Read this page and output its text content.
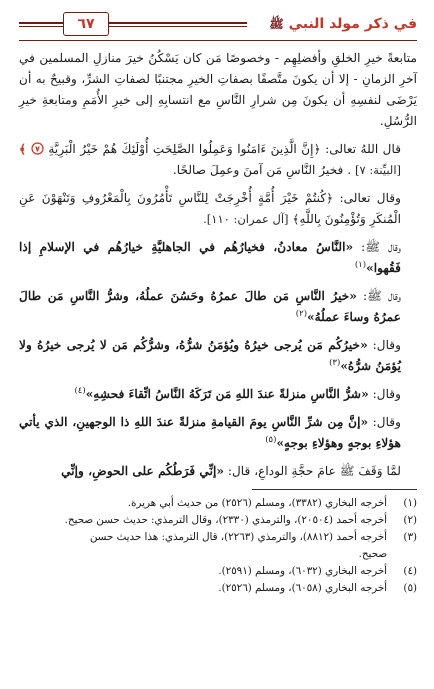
في ذكر مولد النبي ﷺ
٦٧

متابعةً خيرِ الخلقِ وأفضلِهِم - وخصوصًا مَن كان يَسْكُنُ خيرَ منازلِ المسلمين في آخرِ الزمانِ - إلا أن يكونَ متَّصفًا بصفاتِ الخيرِ مجتنبًا لصفاتِ الشرِّ، وقبيحٌ به أن يَرْضَى لنفسِهِ أن يكونَ مِن شرارِ النَّاسِ مع انتسابِهِ إلى خيرِ الأُمَمِ ومتابعةِ خيرِ الرُّسُلِ.

قال اللهُ تعالى: ﴿إِنَّ الَّذِينَ ءَامَنُوا وَعَمِلُوا الصَّلِحَتِ أُوْلَئِكَ هُمْ خَيْرُ الْبَرِيَّةِ
٧
﴾ [البيِّنة: ٧] . فخيرُ النَّاسِ مَن آمنَ وعمِلَ صالحًا.

وقال تعالى: ﴿كُنتُمْ خَيْرَ أُمَّةٍ أُخْرِجَتْ لِلنَّاسِ تَأْمُرُونَ بِالْمَعْرُوفِ وَتَنْهَوْنَ عَنِ الْمُنكَرِ وَتُؤْمِنُونَ بِاللَّهِ﴾ [آل عمران: ١١٠].

وقال ﷺ: «النَّاسُ معادنُ، فخيارُهُم في الجاهليَّةِ خيارُهُم في الإسلامِ إذا فَقُهوا»$^{(١)}$

وقال ﷺ: «خيرُ النَّاسِ مَن طالَ عمرُهُ وحَسُنَ عملُهُ، وشرُّ النَّاسِ مَن طالَ عمرُهُ وساءَ عملُهُ»$^{(٢)}$

وقال: «خيرُكُم مَن يُرجى خيرُهُ ويُؤمَنُ شرُّهُ، وشرُّكُم مَن لا يُرجى خيرُهُ ولا يُؤمَنُ شرُّهُ»$^{(٣)}$

وقال: «شرُّ النَّاسِ منزلةً عندَ اللهِ مَن تَرَكَهُ النَّاسُ اتِّقاءَ فحشِهِ»$^{(٤)}$

وقال: «إنَّ مِن شرِّ النَّاسِ يومَ القيامةِ منزلةً عندَ اللهِ ذا الوجهينِ، الذي يأتي هؤلاءِ بوجهٍ وهؤلاءِ بوجهٍ»$^{(٥)}$

لمَّا وَقَفَ ﷺ عامَ حجَّةِ الوداعِ، قال: «إنِّي فَرَطُكُم على الحوضِ، وإنِّي

(١)
أخرجه البخاري (٣٣٨٢)، ومسلم (٢٥٢٦) من حديث أبي هريرة.
(٢)
أخرجه أحمد (٢٠٥٠٤)، والترمذي (٢٣٣٠)، وقال الترمذي: حديث حسن صحيح.
(٣)
أخرجه أحمد (٨٨١٢)، والترمذي (٢٢٦٣)، قال الترمذي: هذا حديث حسن
صحيح.
(٤)
أخرجه البخاري (٦٠٣٢)، ومسلم (٢٥٩١).
(٥)
أخرجه البخاري (٦٠٥٨)، ومسلم (٢٥٢٦).
